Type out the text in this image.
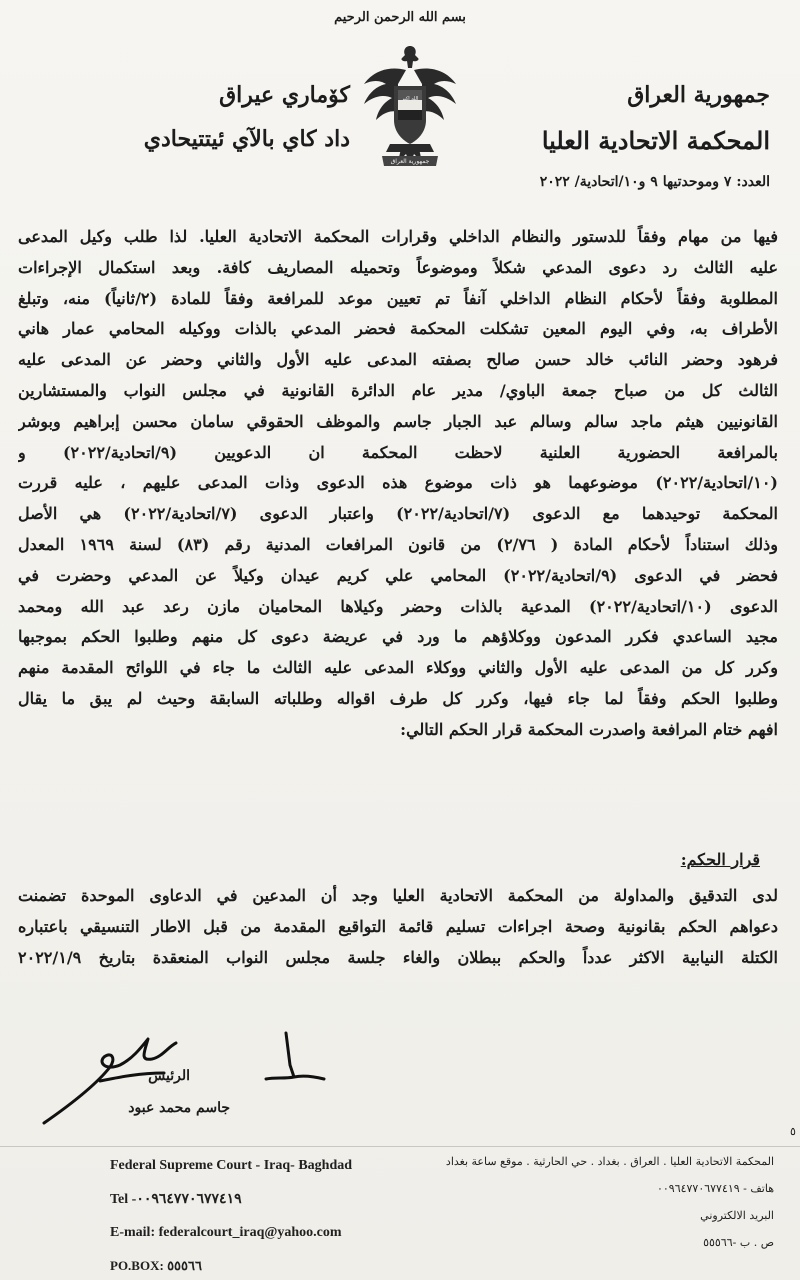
بسم الله الرحمن الرحيم
جمهورية العراق
المحكمة الاتحادية العليا
الله اكبر
جمهورية العراق
كوٚماري عيراق
داد كاي بالآي ئيتتيحادي
العدد: ٧ وموحدتيها ٩ و١٠/اتحادية/ ٢٠٢٢
فيها من مهام وفقاً للدستور والنظام الداخلي وقرارات المحكمة الاتحادية العليا. لذا طلب وكيل المدعى
عليه الثالث رد دعوى المدعي شكلاً وموضوعاً وتحميله المصاريف كافة. وبعد استكمال الإجراءات
المطلوبة وفقاً لأحكام النظام الداخلي آنفاً تم تعيين موعد للمرافعة وفقاً للمادة (٢/ثانياً) منه، وتبلغ
الأطراف به، وفي اليوم المعين تشكلت المحكمة فحضر المدعي بالذات ووكيله المحامي عمار هاني
فرهود وحضر النائب خالد حسن صالح بصفته المدعى عليه الأول والثاني وحضر عن المدعى عليه
الثالث كل من صباح جمعة الباوي/ مدير عام الدائرة القانونية في مجلس النواب والمستشارين
القانونيين هيثم ماجد سالم وسالم عبد الجبار جاسم والموظف الحقوقي سامان محسن إبراهيم وبوشر
بالمرافعة الحضورية العلنية لاحظت المحكمة ان الدعويين (٩/اتحادية/٢٠٢٢) و
(١٠/اتحادية/٢٠٢٢) موضوعهما هو ذات موضوع هذه الدعوى وذات المدعى عليهم ، عليه قررت
المحكمة توحيدهما مع الدعوى (٧/اتحادية/٢٠٢٢) واعتبار الدعوى (٧/اتحادية/٢٠٢٢) هي الأصل
وذلك استناداً لأحكام المادة ( ٢/٧٦) من قانون المرافعات المدنية رقم (٨٣) لسنة ١٩٦٩ المعدل
فحضر في الدعوى (٩/اتحادية/٢٠٢٢) المحامي علي كريم عيدان وكيلاً عن المدعي وحضرت في
الدعوى (١٠/اتحادية/٢٠٢٢) المدعية بالذات وحضر وكيلاها المحاميان مازن رعد عبد الله ومحمد
مجيد الساعدي فكرر المدعون ووكلاؤهم ما ورد في عريضة دعوى كل منهم وطلبوا الحكم بموجبها
وكرر كل من المدعى عليه الأول والثاني ووكلاء المدعى عليه الثالث ما جاء في اللوائح المقدمة منهم
وطلبوا الحكم وفقاً لما جاء فيها، وكرر كل طرف اقواله وطلباته السابقة وحيث لم يبق ما يقال
افهم ختام المرافعة واصدرت المحكمة قرار الحكم التالي:
قرار الحكم:
لدى التدقيق والمداولة من المحكمة الاتحادية العليا وجد أن المدعين في الدعاوى الموحدة تضمنت
دعواهم الحكم بقانونية وصحة اجراءات تسليم قائمة التواقيع المقدمة من قبل الاطار التنسيقي باعتباره
الكتلة النيابية الاكثر عدداً والحكم ببطلان والغاء جلسة مجلس النواب المنعقدة بتاريخ ٢٠٢٢/١/٩
الرئيس
جاسم محمد عبود
٥
Federal Supreme Court - Iraq- Baghdad
Tel -٠٠٩٦٤٧٧٠٦٧٧٤١٩
E-mail: federalcourt_iraq@yahoo.com
PO.BOX: ٥٥٥٦٦
المحكمة الاتحادية العليا . العراق . بغداد . حي الحارثية . موقع ساعة بغداد
هاتف - ٠٠٩٦٤٧٧٠٦٧٧٤١٩
البريد الالكتروني
ص . ب -٥٥٥٦٦
